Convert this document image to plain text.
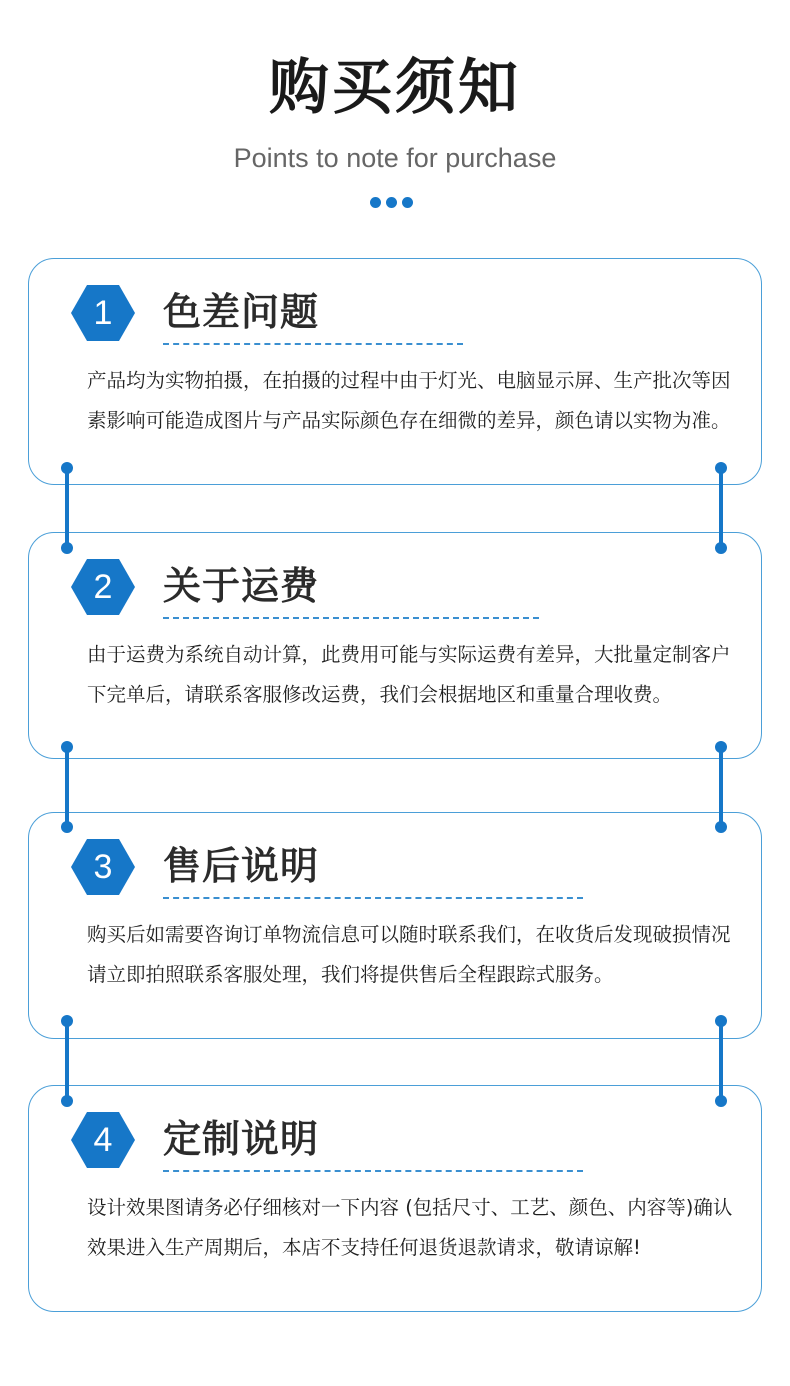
购买须知
Points to note for purchase
1	色差问题
产品均为实物拍摄，在拍摄的过程中由于灯光、电脑显示屏、生产批次等因素影响可能造成图片与产品实际颜色存在细微的差异，颜色请以实物为准。
2	关于运费
由于运费为系统自动计算，此费用可能与实际运费有差异，大批量定制客户下完单后，请联系客服修改运费，我们会根据地区和重量合理收费。
3	售后说明
购买后如需要咨询订单物流信息可以随时联系我们，在收货后发现破损情况请立即拍照联系客服处理，我们将提供售后全程跟踪式服务。
4	定制说明
设计效果图请务必仔细核对一下内容 (包括尺寸、工艺、颜色、内容等)确认效果进入生产周期后，本店不支持任何退货退款请求，敬请谅解!
